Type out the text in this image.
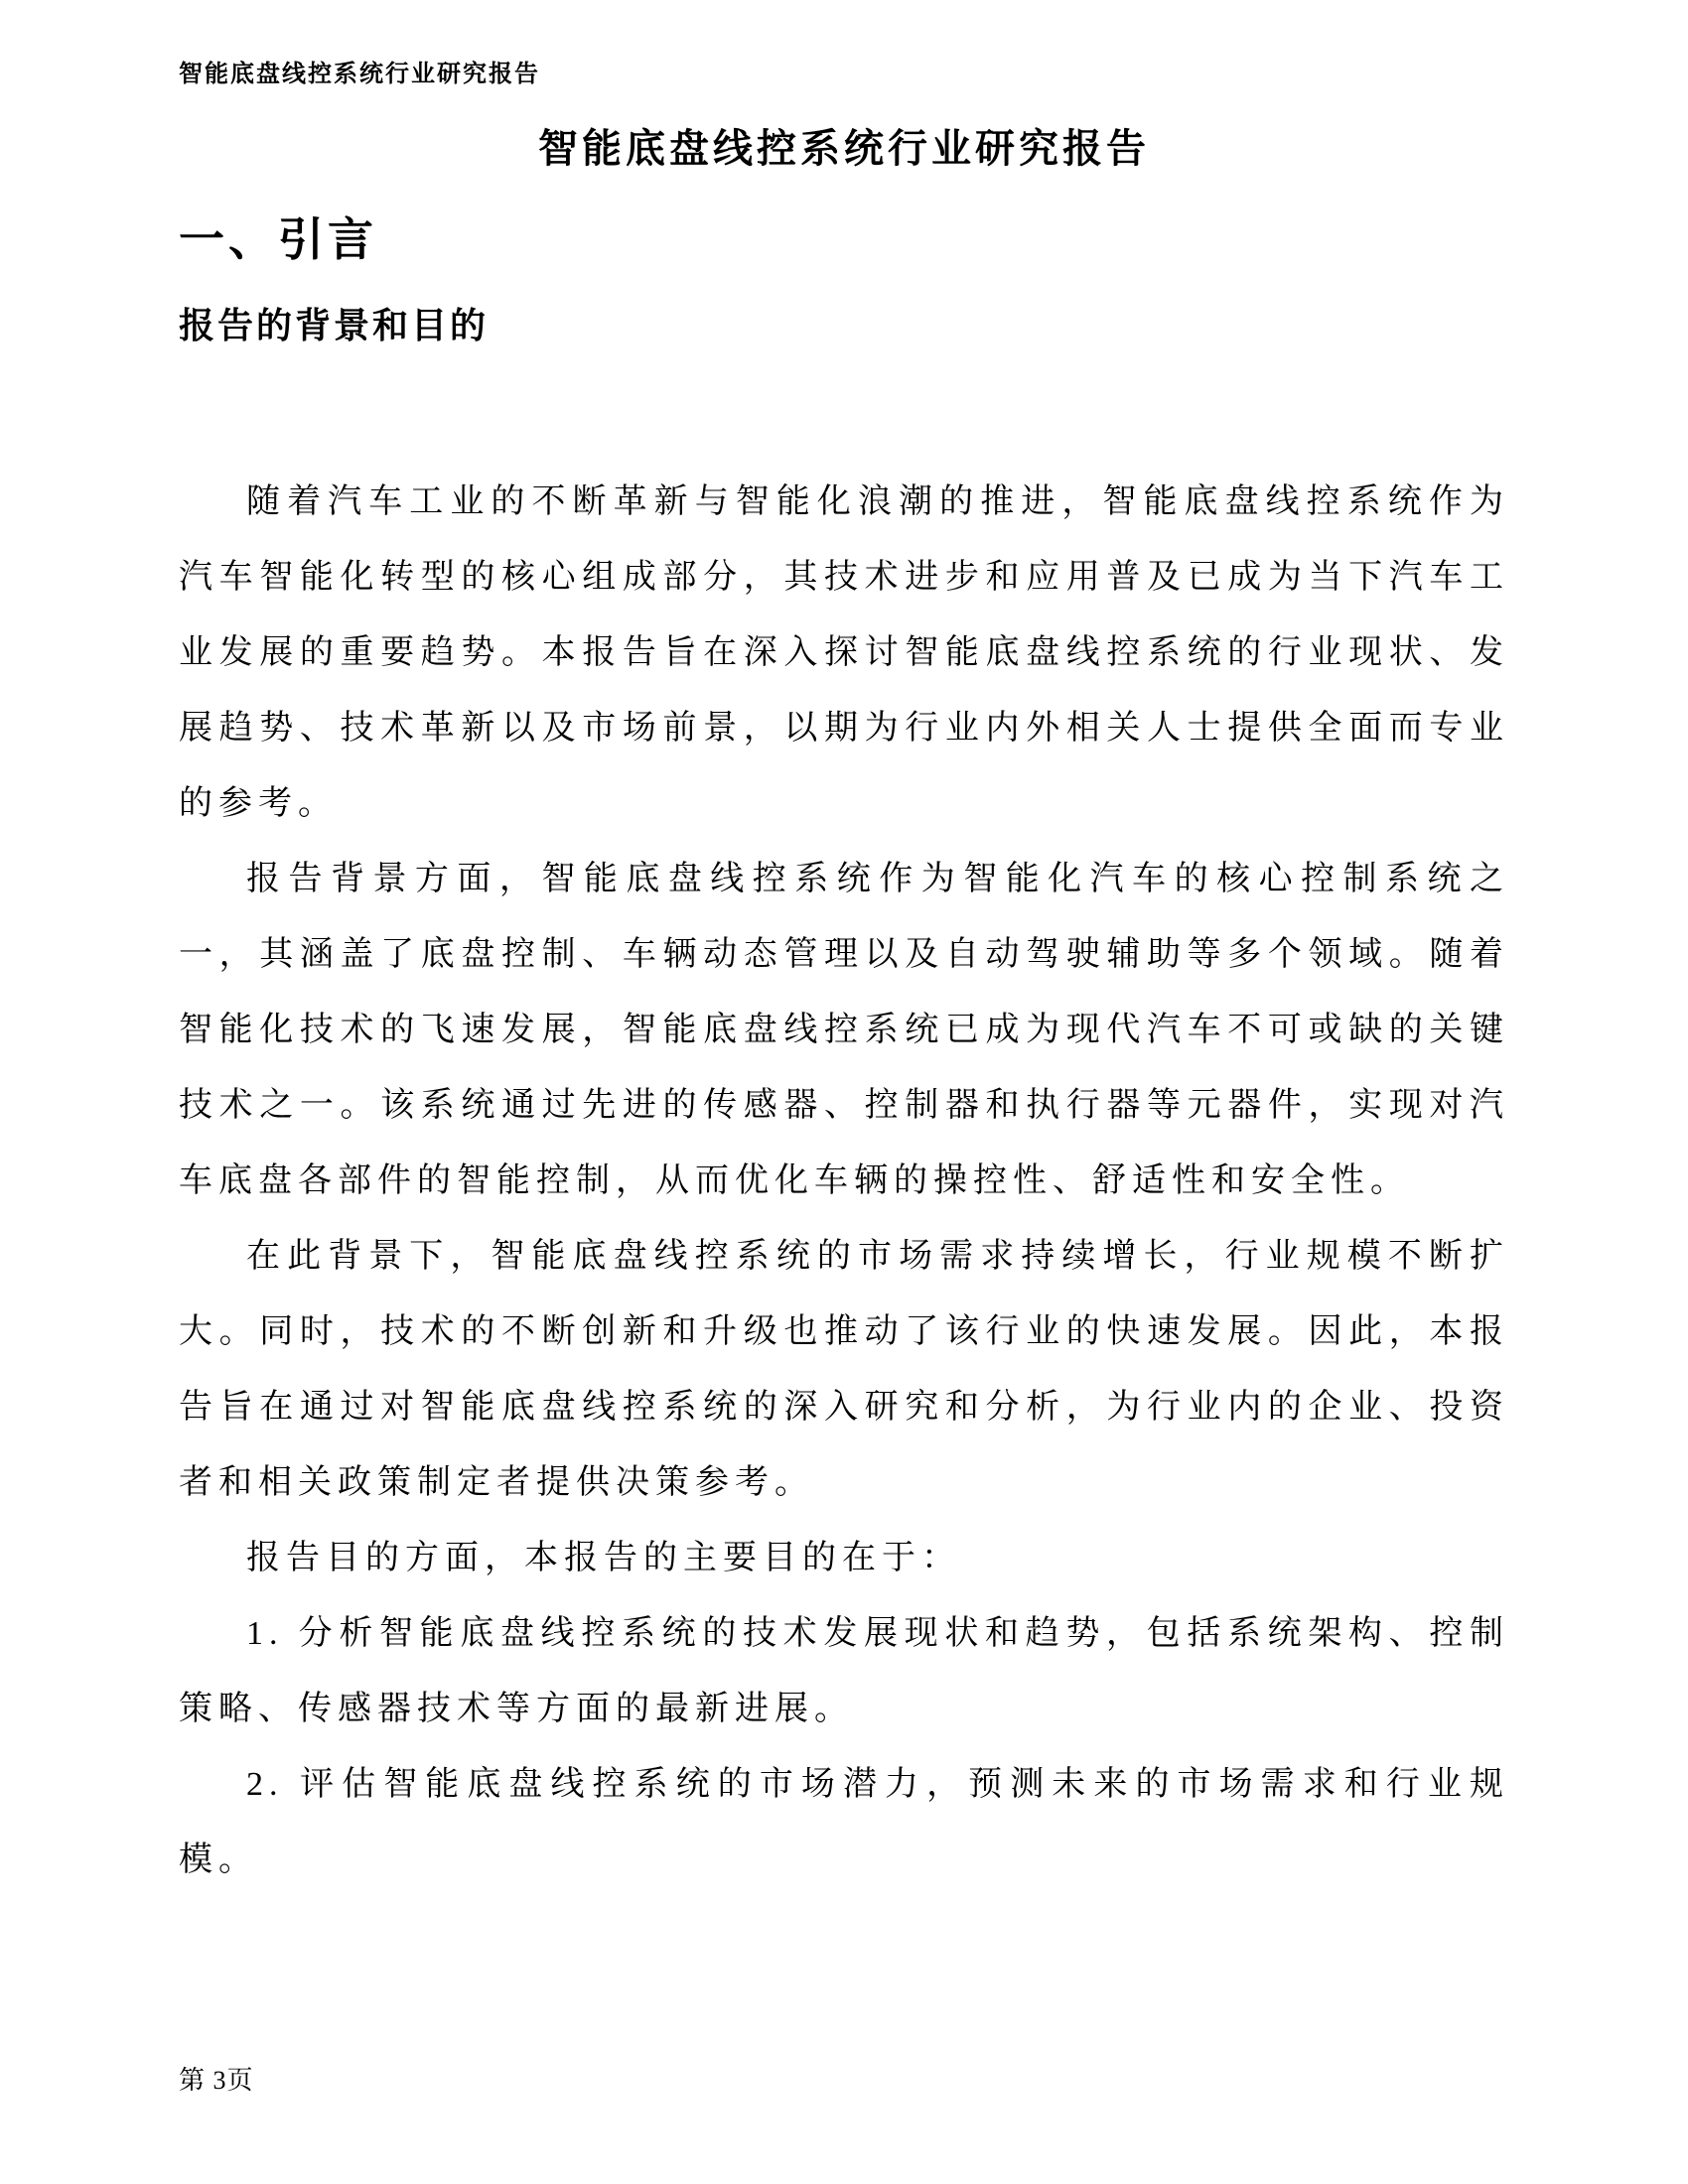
智能底盘线控系统行业研究报告
智能底盘线控系统行业研究报告
一、引言
报告的背景和目的

随着汽车工业的不断革新与智能化浪潮的推进，智能底盘线控系统作为汽车智能化转型的核心组成部分，其技术进步和应用普及已成为当下汽车工业发展的重要趋势。本报告旨在深入探讨智能底盘线控系统的行业现状、发展趋势、技术革新以及市场前景，以期为行业内外相关人士提供全面而专业的参考。

报告背景方面，智能底盘线控系统作为智能化汽车的核心控制系统之一，其涵盖了底盘控制、车辆动态管理以及自动驾驶辅助等多个领域。随着智能化技术的飞速发展，智能底盘线控系统已成为现代汽车不可或缺的关键技术之一。该系统通过先进的传感器、控制器和执行器等元器件，实现对汽车底盘各部件的智能控制，从而优化车辆的操控性、舒适性和安全性。

在此背景下，智能底盘线控系统的市场需求持续增长，行业规模不断扩大。同时，技术的不断创新和升级也推动了该行业的快速发展。因此，本报告旨在通过对智能底盘线控系统的深入研究和分析，为行业内的企业、投资者和相关政策制定者提供决策参考。

报告目的方面，本报告的主要目的在于：

1. 分析智能底盘线控系统的技术发展现状和趋势，包括系统架构、控制策略、传感器技术等方面的最新进展。

2. 评估智能底盘线控系统的市场潜力，预测未来的市场需求和行业规模。

第 3页
